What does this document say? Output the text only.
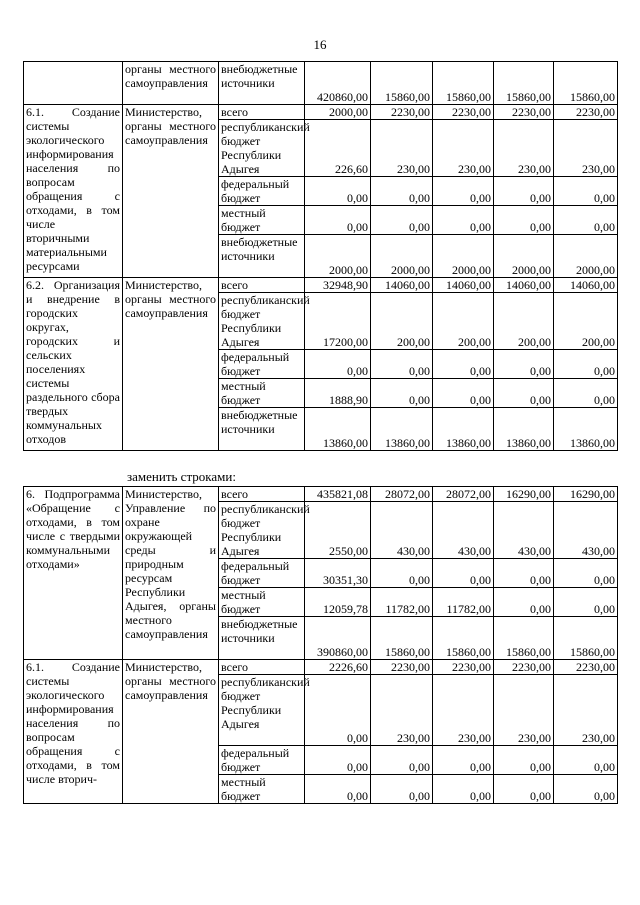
16
	органы местного самоуправления	внебюджетные источники	420860,00	15860,00	15860,00	15860,00	15860,00
6.1. Создание системы экологического информирования населения по вопросам обращения с отходами, в том числе вторичными материальными ресурсами	Министерство, органы местного самоуправления	всего	2000,00	2230,00	2230,00	2230,00	2230,00
		республиканский бюджет Республики Адыгея	226,60	230,00	230,00	230,00	230,00
		федеральный бюджет	0,00	0,00	0,00	0,00	0,00
		местный бюджет	0,00	0,00	0,00	0,00	0,00
		внебюджетные источники	2000,00	2000,00	2000,00	2000,00	2000,00
6.2. Организация и внедрение в городских округах, городских и сельских поселениях системы раздельного сбора твердых коммунальных отходов	Министерство, органы местного самоуправления	всего	32948,90	14060,00	14060,00	14060,00	14060,00
		республиканский бюджет Республики Адыгея	17200,00	200,00	200,00	200,00	200,00
		федеральный бюджет	0,00	0,00	0,00	0,00	0,00
		местный бюджет	1888,90	0,00	0,00	0,00	0,00
		внебюджетные источники	13860,00	13860,00	13860,00	13860,00	13860,00
заменить строками:
6. Подпрограмма «Обращение с отходами, в том числе с твердыми коммунальными отходами»	Министерство, Управление по охране окружающей среды и природным ресурсам Республики Адыгея, органы местного самоуправления	всего	435821,08	28072,00	28072,00	16290,00	16290,00
		республиканский бюджет Республики Адыгея	2550,00	430,00	430,00	430,00	430,00
		федеральный бюджет	30351,30	0,00	0,00	0,00	0,00
		местный бюджет	12059,78	11782,00	11782,00	0,00	0,00
		внебюджетные источники	390860,00	15860,00	15860,00	15860,00	15860,00
6.1. Создание системы экологического информирования населения по вопросам обращения с отходами, в том числе вторич-	Министерство, органы местного самоуправления	всего	2226,60	2230,00	2230,00	2230,00	2230,00
		республиканский бюджет Республики Адыгея	0,00	230,00	230,00	230,00	230,00
		федеральный бюджет	0,00	0,00	0,00	0,00	0,00
		местный бюджет	0,00	0,00	0,00	0,00	0,00
